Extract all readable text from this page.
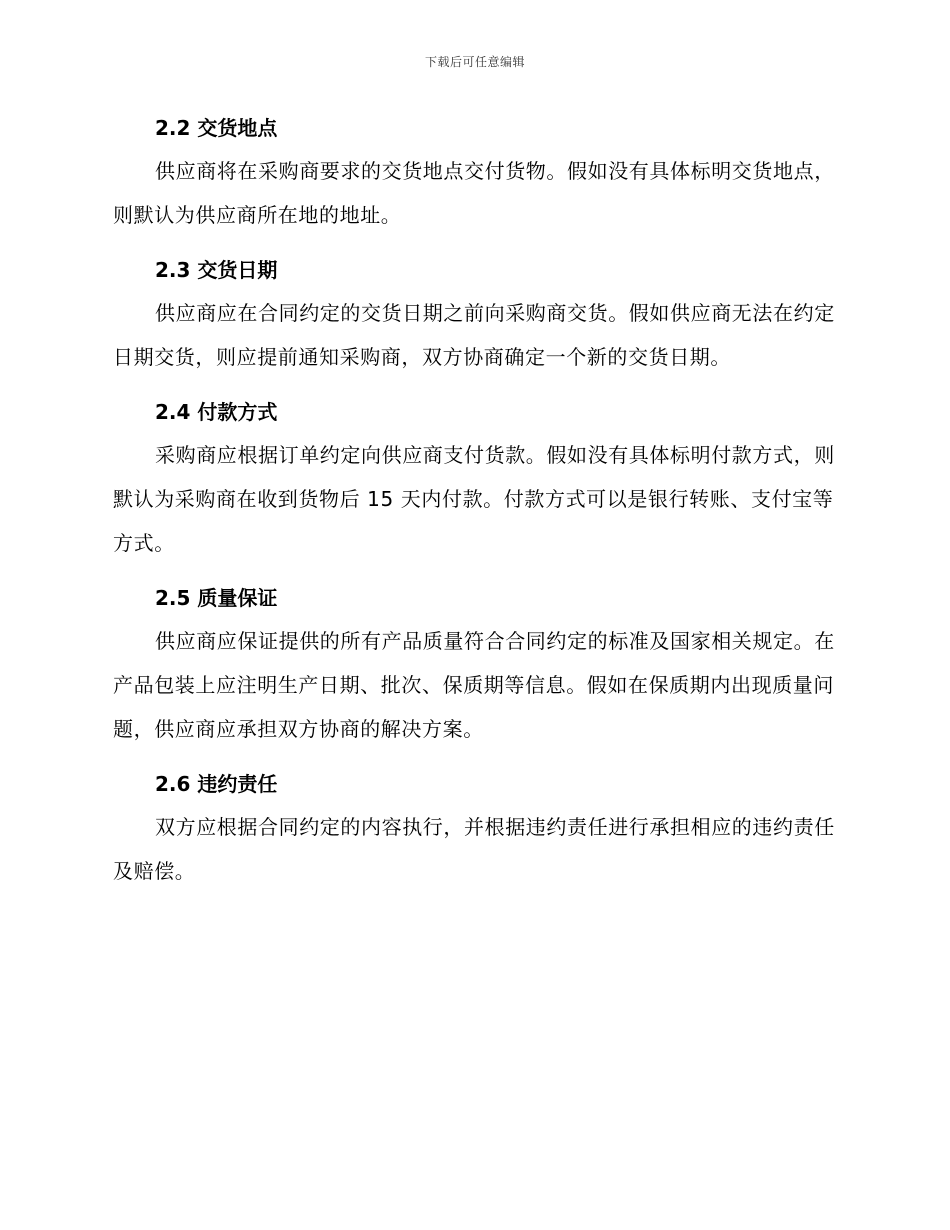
下载后可任意编辑
2.2 交货地点

供应商将在采购商要求的交货地点交付货物。假如没有具体标明交货地点，则默认为供应商所在地的地址。

2.3 交货日期

供应商应在合同约定的交货日期之前向采购商交货。假如供应商无法在约定日期交货，则应提前通知采购商，双方协商确定一个新的交货日期。

2.4 付款方式

采购商应根据订单约定向供应商支付货款。假如没有具体标明付款方式，则默认为采购商在收到货物后 15 天内付款。付款方式可以是银行转账、支付宝等方式。

2.5 质量保证

供应商应保证提供的所有产品质量符合合同约定的标准及国家相关规定。在产品包装上应注明生产日期、批次、保质期等信息。假如在保质期内出现质量问题，供应商应承担双方协商的解决方案。

2.6 违约责任

双方应根据合同约定的内容执行，并根据违约责任进行承担相应的违约责任及赔偿。
